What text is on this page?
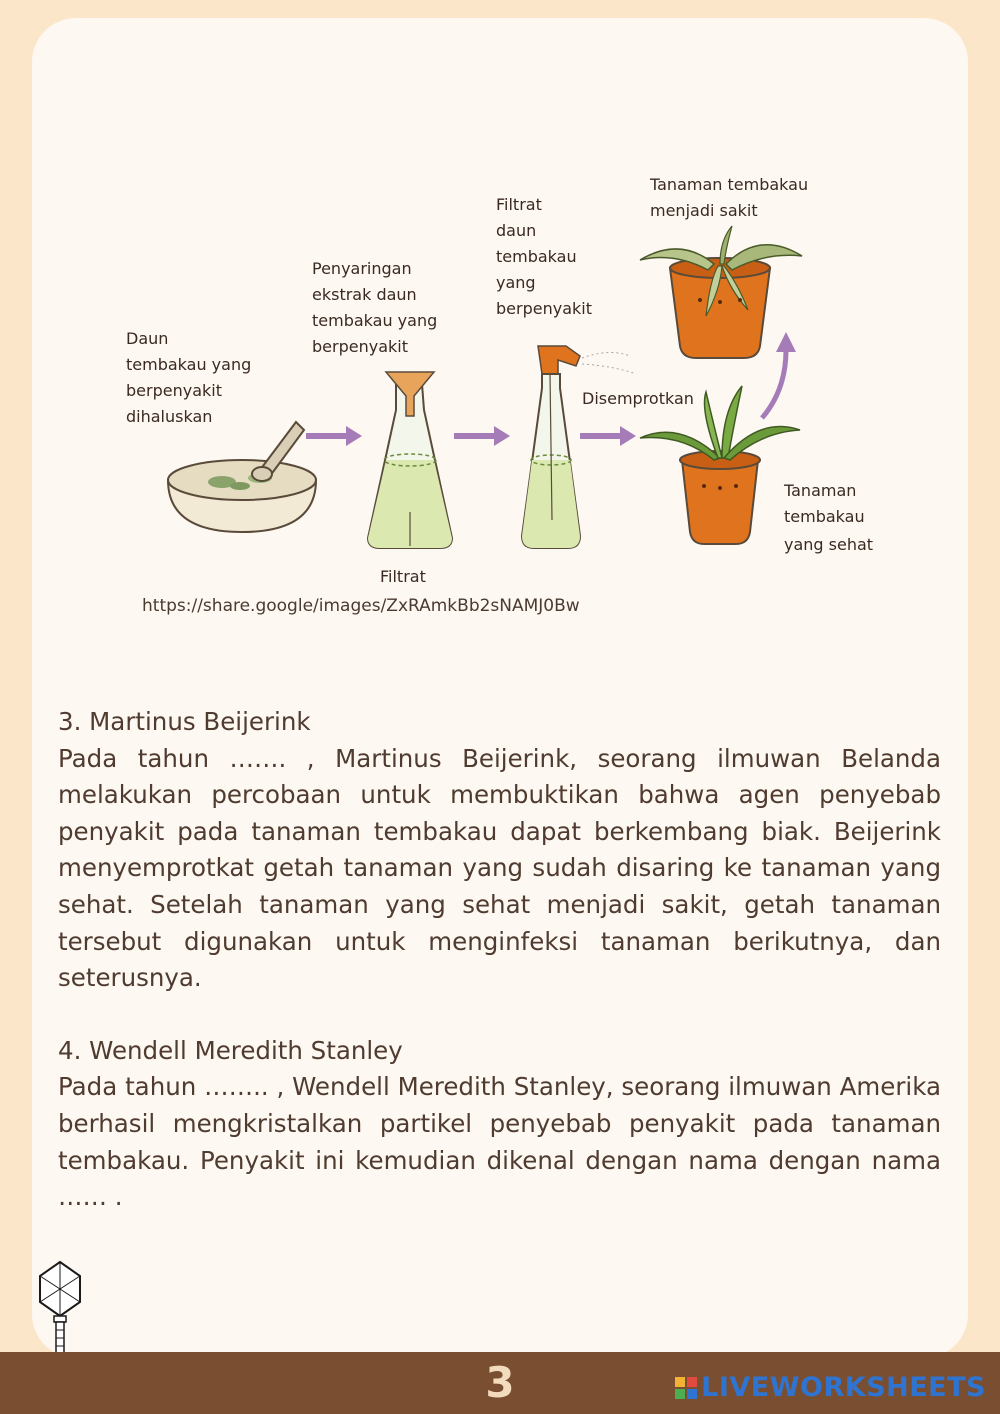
Daun tembakau yang berpenyakit dihaluskan
Penyaringan ekstrak daun tembakau yang berpenyakit
Filtrat
Filtrat daun tembakau yang berpenyakit
Disemprotkan
Tanaman tembakau menjadi sakit
Tanaman tembakau yang sehat
https://share.google/images/ZxRAmkBb2sNAMJ0Bw
3. Martinus Beijerink

Pada tahun ……. , Martinus Beijerink, seorang ilmuwan Belanda melakukan percobaan untuk membuktikan bahwa agen penyebab penyakit pada tanaman tembakau dapat berkembang biak. Beijerink menyemprotkat getah tanaman yang sudah disaring ke tanaman yang sehat. Setelah tanaman yang sehat menjadi sakit, getah tanaman tersebut digunakan untuk menginfeksi tanaman berikutnya, dan seterusnya.

4. Wendell Meredith Stanley

Pada tahun …….. , Wendell Meredith Stanley, seorang ilmuwan Amerika berhasil mengkristalkan partikel penyebab penyakit pada tanaman tembakau. Penyakit ini kemudian dikenal dengan nama dengan nama …… .

3	LIVEWORKSHEETS
